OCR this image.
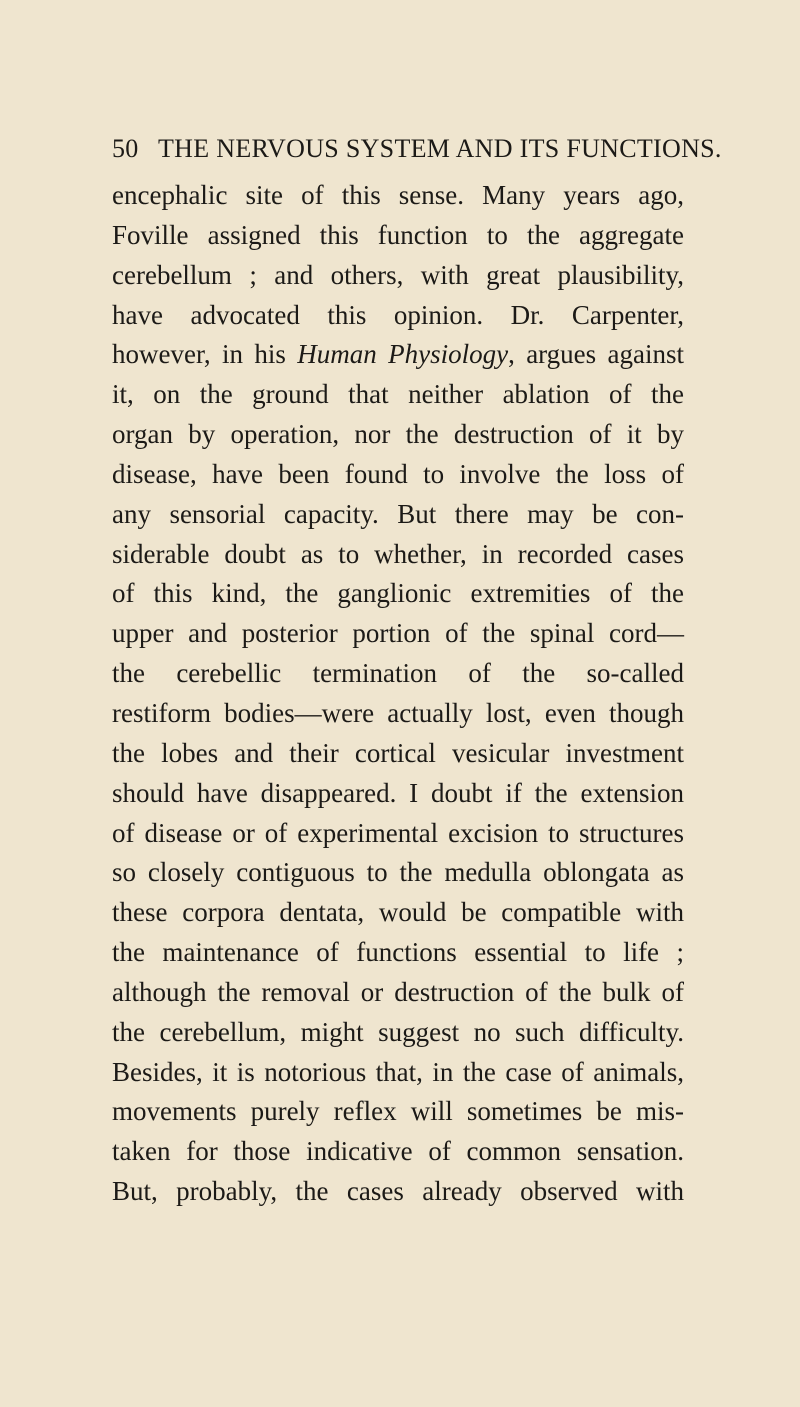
50 THE NERVOUS SYSTEM AND ITS FUNCTIONS.
encephalic site of this sense. Many years ago,
Foville assigned this function to the aggregate
cerebellum ; and others, with great plausibility,
have advocated this opinion. Dr. Carpenter,
however, in his Human Physiology, argues against
it, on the ground that neither ablation of the
organ by operation, nor the destruction of it by
disease, have been found to involve the loss of
any sensorial capacity. But there may be con-
siderable doubt as to whether, in recorded cases
of this kind, the ganglionic extremities of the
upper and posterior portion of the spinal cord—
the cerebellic termination of the so-called
restiform bodies—were actually lost, even though
the lobes and their cortical vesicular investment
should have disappeared. I doubt if the extension
of disease or of experimental excision to structures
so closely contiguous to the medulla oblongata as
these corpora dentata, would be compatible with
the maintenance of functions essential to life ;
although the removal or destruction of the bulk of
the cerebellum, might suggest no such difficulty.
Besides, it is notorious that, in the case of animals,
movements purely reflex will sometimes be mis-
taken for those indicative of common sensation.
But, probably, the cases already observed with
